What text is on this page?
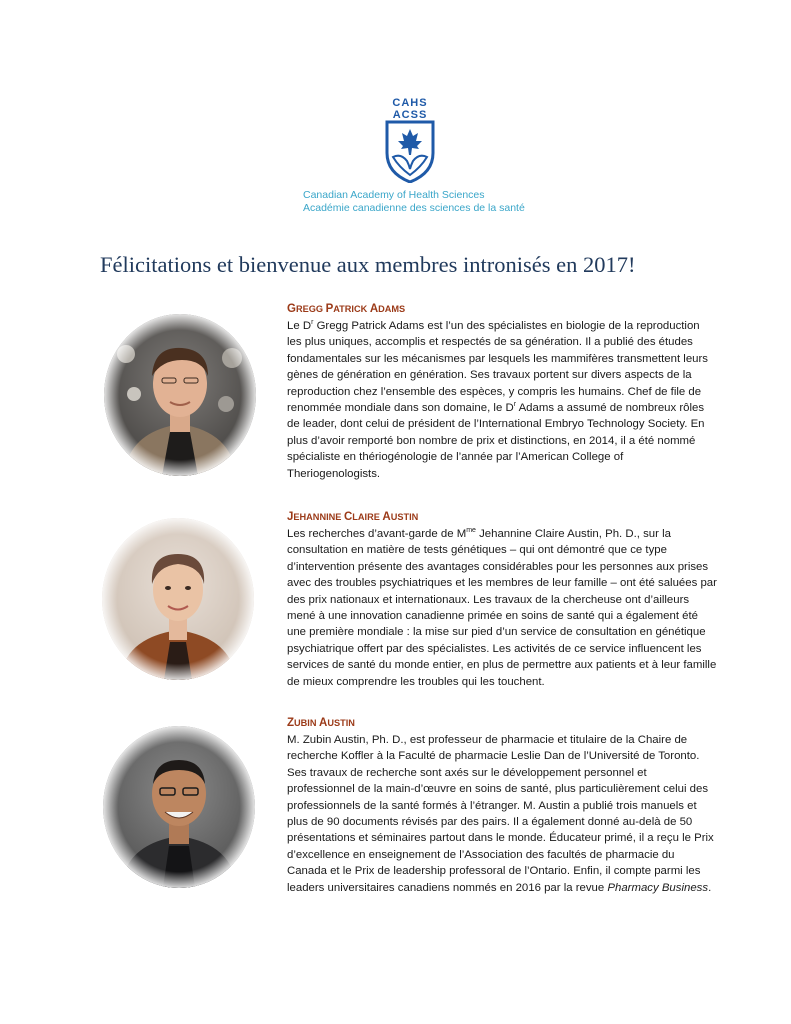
CAHS
ACSS
Canadian Academy of Health Sciences
Académie canadienne des sciences de la santé
Félicitations et bienvenue aux membres intronisés en 2017!

GREGG PATRICK ADAMS

Le $D^r$ Gregg Patrick Adams est l’un des spécialistes en biologie de la reproduction les plus uniques, accomplis et respectés de sa génération. Il a publié des études fondamentales sur les mécanismes par lesquels les mammifères transmettent leurs gènes de génération en génération. Ses travaux portent sur divers aspects de la reproduction chez l’ensemble des espèces, y compris les humains. Chef de file de renommée mondiale dans son domaine, le $D^r$ Adams a assumé de nombreux rôles de leader, dont celui de président de l’International Embryo Technology Society. En plus d’avoir remporté bon nombre de prix et distinctions, en 2014, il a été nommé spécialiste en thériogénologie de l’année par l’American College of Theriogenologists.

JEHANNINE CLAIRE AUSTIN

Les recherches d’avant-garde de $M^{me}$ Jehannine Claire Austin, Ph. D., sur la consultation en matière de tests génétiques – qui ont démontré que ce type d’intervention présente des avantages considérables pour les personnes aux prises avec des troubles psychiatriques et les membres de leur famille – ont été saluées par des prix nationaux et internationaux. Les travaux de la chercheuse ont d’ailleurs mené à une innovation canadienne primée en soins de santé qui a également été une première mondiale : la mise sur pied d’un service de consultation en génétique psychiatrique offert par des spécialistes. Les activités de ce service influencent les services de santé du monde entier, en plus de permettre aux patients et à leur famille de mieux comprendre les troubles qui les touchent.

ZUBIN AUSTIN

M. Zubin Austin, Ph. D., est professeur de pharmacie et titulaire de la Chaire de recherche Koffler à la Faculté de pharmacie Leslie Dan de l’Université de Toronto. Ses travaux de recherche sont axés sur le développement personnel et professionnel de la main-d’œuvre en soins de santé, plus particulièrement celui des professionnels de la santé formés à l’étranger. M. Austin a publié trois manuels et plus de 90 documents révisés par des pairs. Il a également donné au-delà de 50 présentations et séminaires partout dans le monde. Éducateur primé, il a reçu le Prix d’excellence en enseignement de l’Association des facultés de pharmacie du Canada et le Prix de leadership professoral de l’Ontario. Enfin, il compte parmi les leaders universitaires canadiens nommés en 2016 par la revue Pharmacy Business.
